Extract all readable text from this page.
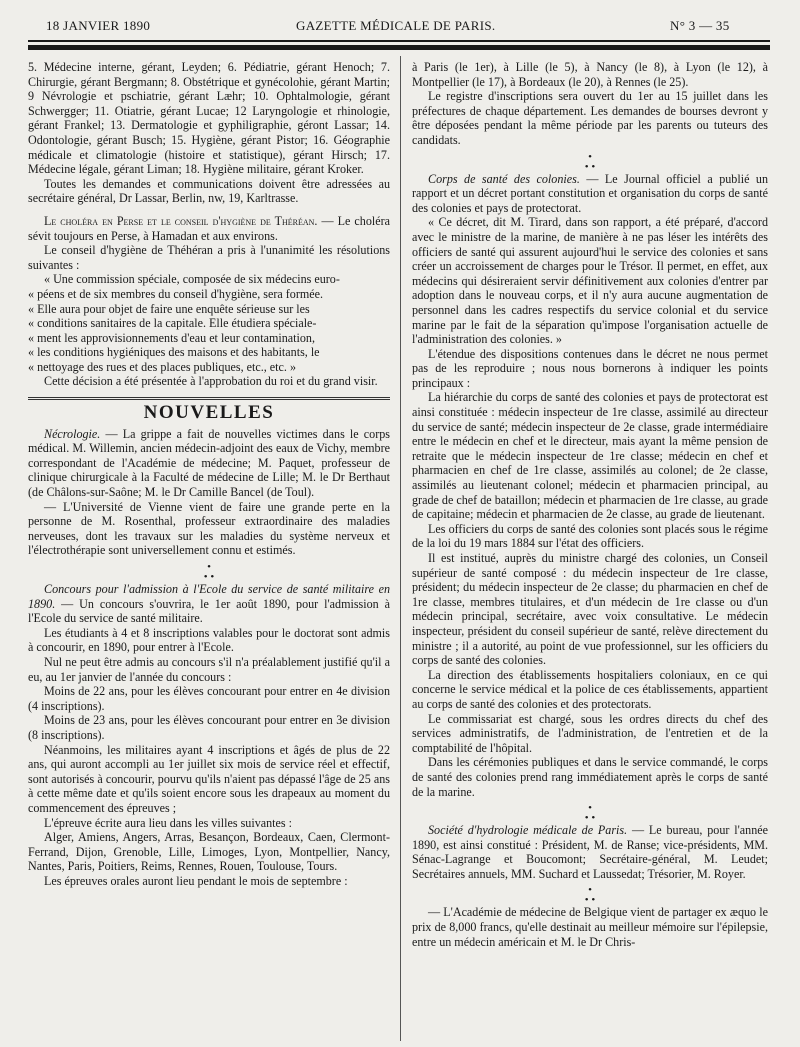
18 JANVIER 1890	GAZETTE MÉDICALE DE PARIS.	N° 3 — 35

5. Médecine interne, gérant, Leyden; 6. Pédiatrie, gérant Henoch; 7. Chirurgie, gérant Bergmann; 8. Obstétrique et gynécolohie, gérant Martin; 9 Névrologie et pschiatrie, gérant Læhr; 10. Ophtalmologie, gérant Schwergger; 11. Otiatrie, gérant Lucae; 12 Laryngologie et rhinologie, gérant Frankel; 13. Dermatologie et gyphiligraphie, géront Lassar; 14. Odontologie, gérant Busch; 15. Hygiène, gérant Pistor; 16. Géographie médicale et climatologie (histoire et statistique), gérant Hirsch; 17. Médecine légale, gérant Liman; 18. Hygiène militaire, gérant Kroker.

Toutes les demandes et communications doivent être adressées au secrétaire général, Dr Lassar, Berlin, nw, 19, Karltrasse.

Le choléra en Perse et le conseil d'hygiène de Théréan. — Le choléra sévit toujours en Perse, à Hamadan et aux environs.

Le conseil d'hygiène de Théhéran a pris à l'unanimité les résolutions suivantes :

« Une commission spéciale, composée de six médecins euro-

« péens et de six membres du conseil d'hygiène, sera formée.

« Elle aura pour objet de faire une enquête sérieuse sur les

« conditions sanitaires de la capitale. Elle étudiera spéciale-

« ment les approvisionnements d'eau et leur contamination,

« les conditions hygiéniques des maisons et des habitants, le

« nettoyage des rues et des places publiques, etc., etc. »

Cette décision a été présentée à l'approbation du roi et du grand visir.

NOUVELLES

Nécrologie. — La grippe a fait de nouvelles victimes dans le corps médical. M. Willemin, ancien médecin-adjoint des eaux de Vichy, membre correspondant de l'Académie de médecine; M. Paquet, professeur de clinique chirurgicale à la Faculté de médecine de Lille; M. le Dr Berthaut (de Châlons-sur-Saône; M. le Dr Camille Bancel (de Toul).

— L'Université de Vienne vient de faire une grande perte en la personne de M. Rosenthal, professeur extraordinaire des maladies nerveuses, dont les travaux sur les maladies du système nerveux et l'électrothérapie sont universellement connu et estimés.

•
• •

Concours pour l'admission à l'Ecole du service de santé militaire en 1890. — Un concours s'ouvrira, le 1er août 1890, pour l'admission à l'Ecole du service de santé militaire.

Les étudiants à 4 et 8 inscriptions valables pour le doctorat sont admis à concourir, en 1890, pour entrer à l'Ecole.

Nul ne peut être admis au concours s'il n'a préalablement justifié qu'il a eu, au 1er janvier de l'année du concours :

Moins de 22 ans, pour les élèves concourant pour entrer en 4e division (4 inscriptions).

Moins de 23 ans, pour les élèves concourant pour entrer en 3e division (8 inscriptions).

Néanmoins, les militaires ayant 4 inscriptions et âgés de plus de 22 ans, qui auront accompli au 1er juillet six mois de service réel et effectif, sont autorisés à concourir, pourvu qu'ils n'aient pas dépassé l'âge de 25 ans à cette même date et qu'ils soient encore sous les drapeaux au moment du commencement des épreuves ;

L'épreuve écrite aura lieu dans les villes suivantes :

Alger, Amiens, Angers, Arras, Besançon, Bordeaux, Caen, Clermont-Ferrand, Dijon, Grenoble, Lille, Limoges, Lyon, Montpellier, Nancy, Nantes, Paris, Poitiers, Reims, Rennes, Rouen, Toulouse, Tours.

Les épreuves orales auront lieu pendant le mois de septembre :

à Paris (le 1er), à Lille (le 5), à Nancy (le 8), à Lyon (le 12), à Montpellier (le 17), à Bordeaux (le 20), à Rennes (le 25).

Le registre d'inscriptions sera ouvert du 1er au 15 juillet dans les préfectures de chaque département. Les demandes de bourses devront y être déposées pendant la même période par les parents ou tuteurs des candidats.

•
• •

Corps de santé des colonies. — Le Journal officiel a publié un rapport et un décret portant constitution et organisation du corps de santé des colonies et pays de protectorat.

« Ce décret, dit M. Tirard, dans son rapport, a été préparé, d'accord avec le ministre de la marine, de manière à ne pas léser les intérêts des officiers de santé qui assurent aujourd'hui le service des colonies et sans créer un accroissement de charges pour le Trésor. Il permet, en effet, aux médecins qui désireraient servir définitivement aux colonies d'entrer par adoption dans le nouveau corps, et il n'y aura aucune augmentation de personnel dans les cadres respectifs du service colonial et du service marine par le fait de la séparation qu'impose l'organisation actuelle de l'administration des colonies. »

L'étendue des dispositions contenues dans le décret ne nous permet pas de les reproduire ; nous nous bornerons à indiquer les points principaux :

La hiérarchie du corps de santé des colonies et pays de protectorat est ainsi constituée : médecin inspecteur de 1re classe, assimilé au directeur du service de santé; médecin inspecteur de 2e classe, grade intermédiaire entre le médecin en chef et le directeur, mais ayant la même pension de retraite que le médecin inspecteur de 1re classe; médecin en chef et pharmacien en chef de 1re classe, assimilés au colonel; de 2e classe, assimilés au lieutenant colonel; médecin et pharmacien principal, au grade de chef de bataillon; médecin et pharmacien de 1re classe, au grade de capitaine; médecin et pharmacien de 2e classe, au grade de lieutenant.

Les officiers du corps de santé des colonies sont placés sous le régime de la loi du 19 mars 1884 sur l'état des officiers.

Il est institué, auprès du ministre chargé des colonies, un Conseil supérieur de santé composé : du médecin inspecteur de 1re classe, président; du médecin inspecteur de 2e classe; du pharmacien en chef de 1re classe, membres titulaires, et d'un médecin de 1re classe ou d'un médecin principal, secrétaire, avec voix consultative. Le médecin inspecteur, président du conseil supérieur de santé, relève directement du ministre ; il a autorité, au point de vue professionnel, sur les officiers du corps de santé des colonies.

La direction des établissements hospitaliers coloniaux, en ce qui concerne le service médical et la police de ces établissements, appartient au corps de santé des colonies et des protectorats.

Le commissariat est chargé, sous les ordres directs du chef des services administratifs, de l'administration, de l'entretien et de la comptabilité de l'hôpital.

Dans les cérémonies publiques et dans le service commandé, le corps de santé des colonies prend rang immédiatement après le corps de santé de la marine.

•
• •

Société d'hydrologie médicale de Paris. — Le bureau, pour l'année 1890, est ainsi constitué : Président, M. de Ranse; vice-présidents, MM. Sénac-Lagrange et Boucomont; Secrétaire-général, M. Leudet; Secrétaires annuels, MM. Suchard et Laussedat; Trésorier, M. Royer.

•
• •

— L'Académie de médecine de Belgique vient de partager ex æquo le prix de 8,000 francs, qu'elle destinait au meilleur mémoire sur l'épilepsie, entre un médecin américain et M. le Dr Chris-
